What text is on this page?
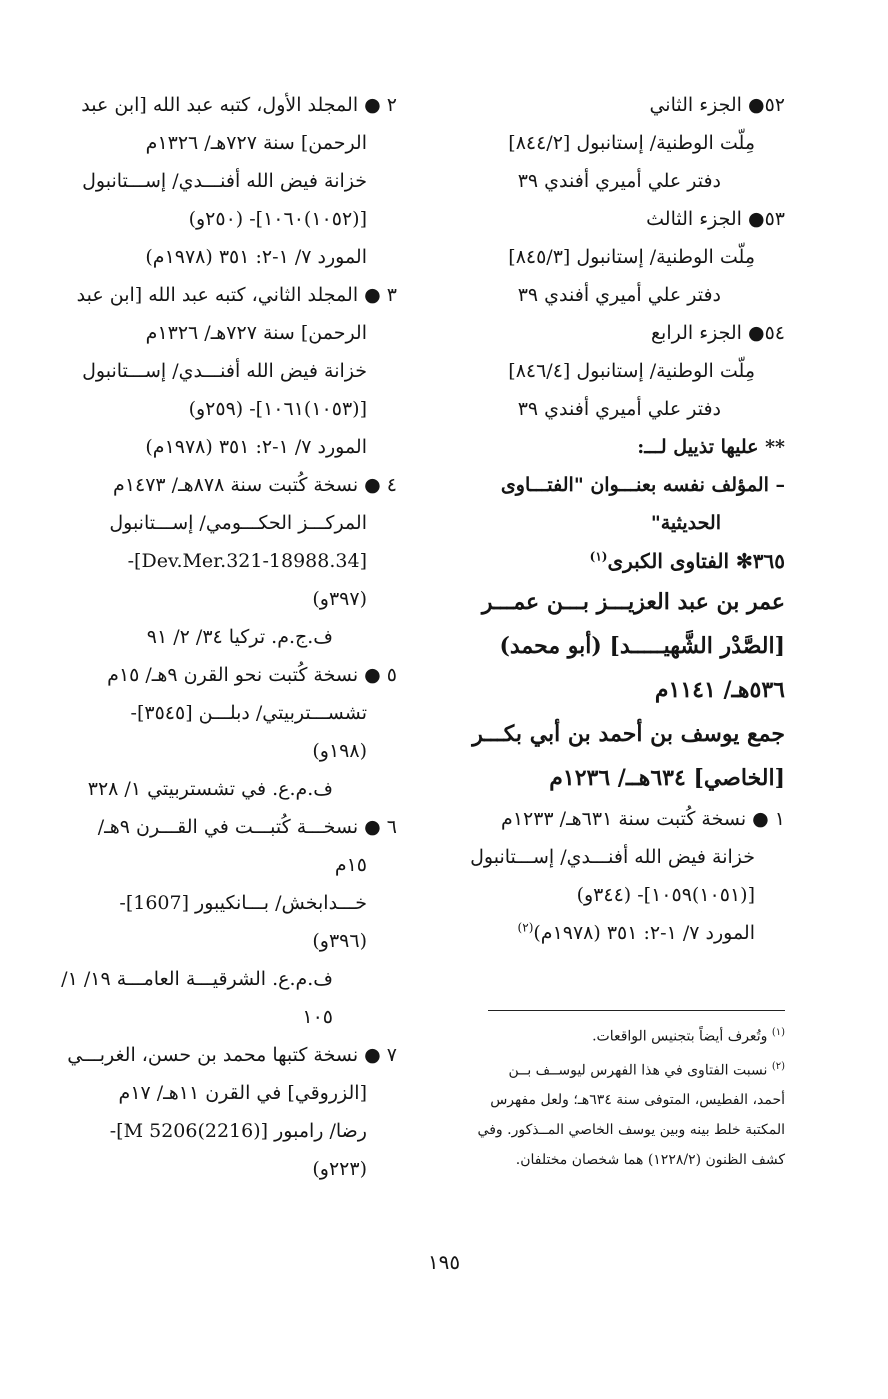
٥٢● الجزء الثاني
مِلّت الوطنية/ إستانبول [٨٤٤/٢]
دفتر علي أميري أفندي ٣٩
٥٣● الجزء الثالث
مِلّت الوطنية/ إستانبول [٨٤٥/٣]
دفتر علي أميري أفندي ٣٩
٥٤● الجزء الرابع
مِلّت الوطنية/ إستانبول [٨٤٦/٤]
دفتر علي أميري أفندي ٣٩
** عليها تذييل لـــ:
– المؤلف نفسه بعنـــوان "الفتـــاوى
الحديثية"
٣٦٥✻ الفتاوى الكبرى$^{(١)}$
عمر بن عبد العزيـــز بـــن عمـــر
[الصَّدْر الشَّهيـــــد] (أبو محمد)
٥٣٦هـ/ ١١٤١م
جمع يوسف بن أحمد بن أبي بكـــر
[الخاصي] ٦٣٤هــ/ ١٢٣٦م
١ ● نسخة كُتبت سنة ٦٣١هـ/ ١٢٣٣م
خزانة فيض الله أفنـــدي/ إســـتانبول
[(١٠٥١)١٠٥٩]- (٣٤٤و)
المورد ٧/ ١-٢: ٣٥١ (١٩٧٨م)$^{(٢)}$
٢ ● المجلد الأول، كتبه عبد الله [ابن عبد
الرحمن] سنة ٧٢٧هـ/ ١٣٢٦م
خزانة فيض الله أفنـــدي/ إســـتانبول
[(١٠٥٢)١٠٦٠]- (٢٥٠و)
المورد ٧/ ١-٢: ٣٥١ (١٩٧٨م)
٣ ● المجلد الثاني، كتبه عبد الله [ابن عبد
الرحمن] سنة ٧٢٧هـ/ ١٣٢٦م
خزانة فيض الله أفنـــدي/ إســـتانبول
[(١٠٥٣)١٠٦١]- (٢٥٩و)
المورد ٧/ ١-٢: ٣٥١ (١٩٧٨م)
٤ ● نسخة كُتبت سنة ٨٧٨هـ/ ١٤٧٣م
المركـــز الحكـــومي/ إســـتانبول
[34.Dev.Mer.321-18988]-
(٣٩٧و)
ف.ج.م. تركيا ٣٤/ ٢/ ٩١
٥ ● نسخة كُتبت نحو القرن ٩هـ/ ١٥م
تشســـتربيتي/ دبلـــن [٣٥٤٥]-
(١٩٨و)
ف.م.ع. في تشستربيتي ١/ ٣٢٨
٦ ● نسخـــة كُتبـــت في القـــرن ٩هـ/
١٥م
خـــدابخش/ بـــانكيبور [1607]-
(٣٩٦و)
ف.م.ع. الشرقيـــة العامـــة ١٩/ ١/
١٠٥
٧ ● نسخة كتبها محمد بن حسن، الغربـــي
[الزروقي] في القرن ١١هـ/ ١٧م
رضا/ رامبور [M 5206(2216)]-
(٢٢٣و)
$^{(١)}$ وتُعرف أيضاً بتجنيس الواقعات.
$^{(٢)}$ نسبت الفتاوى في هذا الفهرس ليوســف بــن
أحمد، الفطيس، المتوفى سنة ٦٣٤هـ؛ ولعل مفهرس
المكتبة خلط بينه وبين يوسف الخاصي المــذكور. وفي
كشف الظنون (١٢٢٨/٢) هما شخصان مختلفان.
١٩٥
